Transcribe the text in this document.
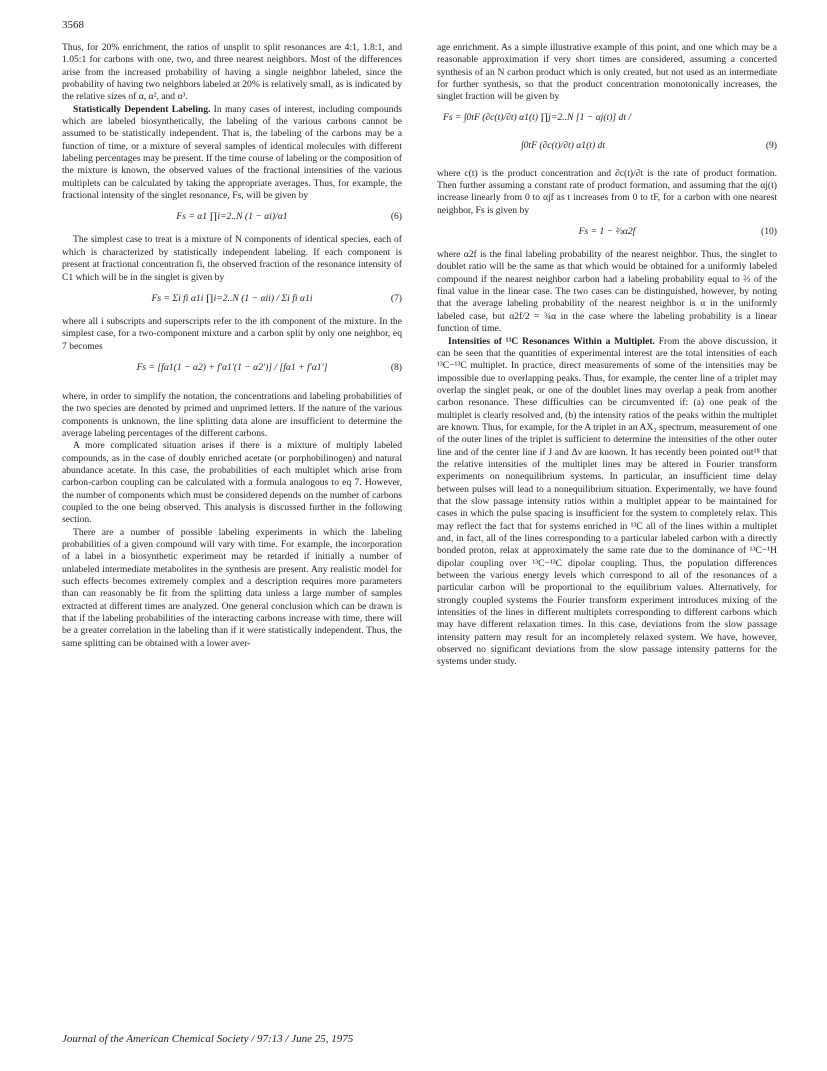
3568

Thus, for 20% enrichment, the ratios of unsplit to split resonances are 4:1, 1.8:1, and 1.05:1 for carbons with one, two, and three nearest neighbors. Most of the differences arise from the increased probability of having a single neighbor labeled, since the probability of having two neighbors labeled at 20% is relatively small, as is indicated by the relative sizes of α, α², and α³.

Statistically Dependent Labeling. In many cases of interest, including compounds which are labeled biosynthetically, the labeling of the various carbons cannot be assumed to be statistically independent. That is, the labeling of the carbons may be a function of time, or a mixture of several samples of identical molecules with different labeling percentages may be present. If the time course of labeling or the composition of the mixture is known, the observed values of the fractional intensities of the various multiplets can be calculated by taking the appropriate averages. Thus, for example, the fractional intensity of the singlet resonance, Fs, will be given by

Fs = α1 ∏i=2..N (1 − αi)/α1	(6)

The simplest case to treat is a mixture of N components of identical species, each of which is characterized by statistically independent labeling. If each component is present at fractional concentration fi, the observed fraction of the resonance intensity of C1 which will be in the singlet is given by

Fs = Σi fi α1i ∏i=2..N (1 − αii) / Σi fi α1i	(7)

where all i subscripts and superscripts refer to the ith component of the mixture. In the simplest case, for a two-component mixture and a carbon split by only one neighbor, eq 7 becomes

Fs = [fα1(1 − α2) + f′α1′(1 − α2′)] / [fα1 + f′α1′]	(8)

where, in order to simplify the notation, the concentrations and labeling probabilities of the two species are denoted by primed and unprimed letters. If the nature of the various components is unknown, the line splitting data alone are insufficient to determine the average labeling percentages of the different carbons.

A more complicated situation arises if there is a mixture of multiply labeled compounds, as in the case of doubly enriched acetate (or porphobilinogen) and natural abundance acetate. In this case, the probabilities of each multiplet which arise from carbon-carbon coupling can be calculated with a formula analogous to eq 7. However, the number of components which must be considered depends on the number of carbons coupled to the one being observed. This analysis is discussed further in the following section.

There are a number of possible labeling experiments in which the labeling probabilities of a given compound will vary with time. For example, the incorporation of a label in a biosynthetic experiment may be retarded if initially a number of unlabeled intermediate metabolites in the synthesis are present. Any realistic model for such effects becomes extremely complex and a description requires more parameters than can reasonably be fit from the splitting data unless a large number of samples extracted at different times are analyzed. One general conclusion which can be drawn is that if the labeling probabilities of the interacting carbons increase with time, there will be a greater correlation in the labeling than if it were statistically independent. Thus, the same splitting can be obtained with a lower aver-

age enrichment. As a simple illustrative example of this point, and one which may be a reasonable approximation if very short times are considered, assuming a concerted synthesis of an N carbon product which is only created, but not used as an intermediate for further synthesis, so that the product concentration monotonically increases, the singlet fraction will be given by

Fs = ∫0tF (∂c(t)/∂t) α1(t) ∏j=2..N [1 − αj(t)] dt /
∫0tF (∂c(t)/∂t) α1(t) dt	(9)

where c(t) is the product concentration and ∂c(t)/∂t is the rate of product formation. Then further assuming a constant rate of product formation, and assuming that the αj(t) increase linearly from 0 to αjf as t increases from 0 to tF, for a carbon with one nearest neighbor, Fs is given by

Fs = 1 − ⅔α2f	(10)

where α2f is the final labeling probability of the nearest neighbor. Thus, the singlet to doublet ratio will be the same as that which would be obtained for a uniformly labeled compound if the nearest neighbor carbon had a labeling probability equal to ⅔ of the final value in the linear case. The two cases can be distinguished, however, by noting that the average labeling probability of the nearest neighbor is α in the uniformly labeled case, but α2f/2 = ¾α in the case where the labeling probability is a linear function of time.

Intensities of ¹³C Resonances Within a Multiplet. From the above discussion, it can be seen that the quantities of experimental interest are the total intensities of each ¹³C−¹³C multiplet. In practice, direct measurements of some of the intensities may be impossible due to overlapping peaks. Thus, for example, the center line of a triplet may overlap the singlet peak, or one of the doublet lines may overlap a peak from another carbon resonance. These difficulties can be circumvented if: (a) one peak of the multiplet is clearly resolved and, (b) the intensity ratios of the peaks within the multiplet are known. Thus, for example, for the A triplet in an AX₂ spectrum, measurement of one of the outer lines of the triplet is sufficient to determine the intensities of the other outer line and of the center line if J and Δν are known. It has recently been pointed out¹⁸ that the relative intensities of the multiplet lines may be altered in Fourier transform experiments on nonequilibrium systems. In particular, an insufficient time delay between pulses will lead to a nonequilibrium situation. Experimentally, we have found that the slow passage intensity ratios within a multiplet appear to be maintained for cases in which the pulse spacing is insufficient for the system to completely relax. This may reflect the fact that for systems enriched in ¹³C all of the lines within a multiplet and, in fact, all of the lines corresponding to a particular labeled carbon with a directly bonded proton, relax at approximately the same rate due to the dominance of ¹³C−¹H dipolar coupling over ¹³C−¹³C dipolar coupling. Thus, the population differences between the various energy levels which correspond to all of the resonances of a particular carbon will be proportional to the equilibrium values. Alternatively, for strongly coupled systems the Fourier transform experiment introduces mixing of the intensities of the lines in different multiplets corresponding to different carbons which may have different relaxation times. In this case, deviations from the slow passage intensity pattern may result for an incompletely relaxed system. We have, however, observed no significant deviations from the slow passage intensity patterns for the systems under study.

Journal of the American Chemical Society / 97:13 / June 25, 1975
